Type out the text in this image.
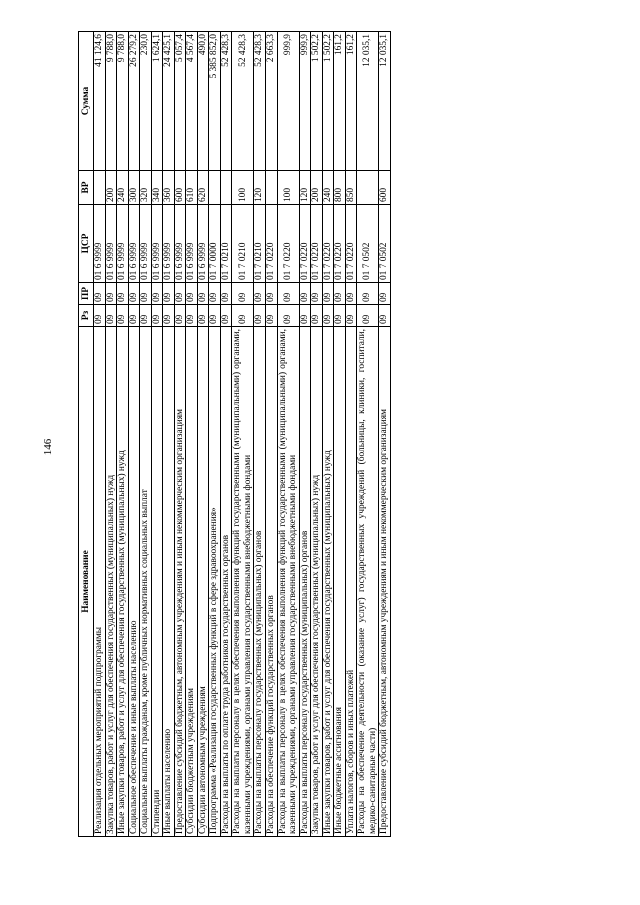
146
Наименование	Рз	ПР	ЦСР	ВР	Сумма
Реализация отдельных мероприятий подпрограммы	09	09	01 6 9999		41 124,6
Закупка товаров, работ и услуг для обеспечения государственных (муниципальных) нужд	09	09	01 6 9999	200	9 788,0
Иные закупки товаров, работ и услуг для обеспечения государственных (муниципальных) нужд	09	09	01 6 9999	240	9 788,0
Социальное обеспечение и иные выплаты населению	09	09	01 6 9999	300	26 279,2
Социальные выплаты гражданам, кроме публичных нормативных социальных выплат	09	09	01 6 9999	320	230,0
Стипендии	09	09	01 6 9999	340	1 624,1
Иные выплаты населению	09	09	01 6 9999	360	24 425,1
Предоставление субсидий бюджетным, автономным учреждениям и иным некоммерческим организациям	09	09	01 6 9999	600	5 057,4
Субсидии бюджетным учреждениям	09	09	01 6 9999	610	4 567,4
Субсидии автономным учреждениям	09	09	01 6 9999	620	490,0
Подпрограмма «Реализация государственных функций в сфере здравоохранения»	09	09	01 7 0000		5 385 852,0
Расходы на выплаты по оплате труда работников государственных органов	09	09	01 7 0210		52 428,3
Расходы на выплаты персоналу в целях обеспечения выполнения функций государственными (муниципальными) органами, казенными учреждениями, органами управления государственными внебюджетными фондами	09	09	01 7 0210	100	52 428,3
Расходы на выплаты персоналу государственных (муниципальных) органов	09	09	01 7 0210	120	52 428,3
Расходы на обеспечение функций государственных органов	09	09	01 7 0220		2 663,3
Расходы на выплаты персоналу в целях обеспечения выполнения функций государственными (муниципальными) органами, казенными учреждениями, органами управления государственными внебюджетными фондами	09	09	01 7 0220	100	999,9
Расходы на выплаты персоналу государственных (муниципальных) органов	09	09	01 7 0220	120	999,9
Закупка товаров, работ и услуг для обеспечения государственных (муниципальных) нужд	09	09	01 7 0220	200	1 502,2
Иные закупки товаров, работ и услуг для обеспечения государственных (муниципальных) нужд	09	09	01 7 0220	240	1 502,2
Иные бюджетные ассигнования	09	09	01 7 0220	800	161,2
Уплата налогов, сборов и иных платежей	09	09	01 7 0220	850	161,2
Расходы на обеспечение деятельности (оказание услуг) государственных учреждений (больницы, клиники, госпитали, медико-санитарные части)	09	09	01 7 0502		12 035,1
Предоставление субсидий бюджетным, автономным учреждениям и иным некоммерческим организациям	09	09	01 7 0502	600	12 035,1
